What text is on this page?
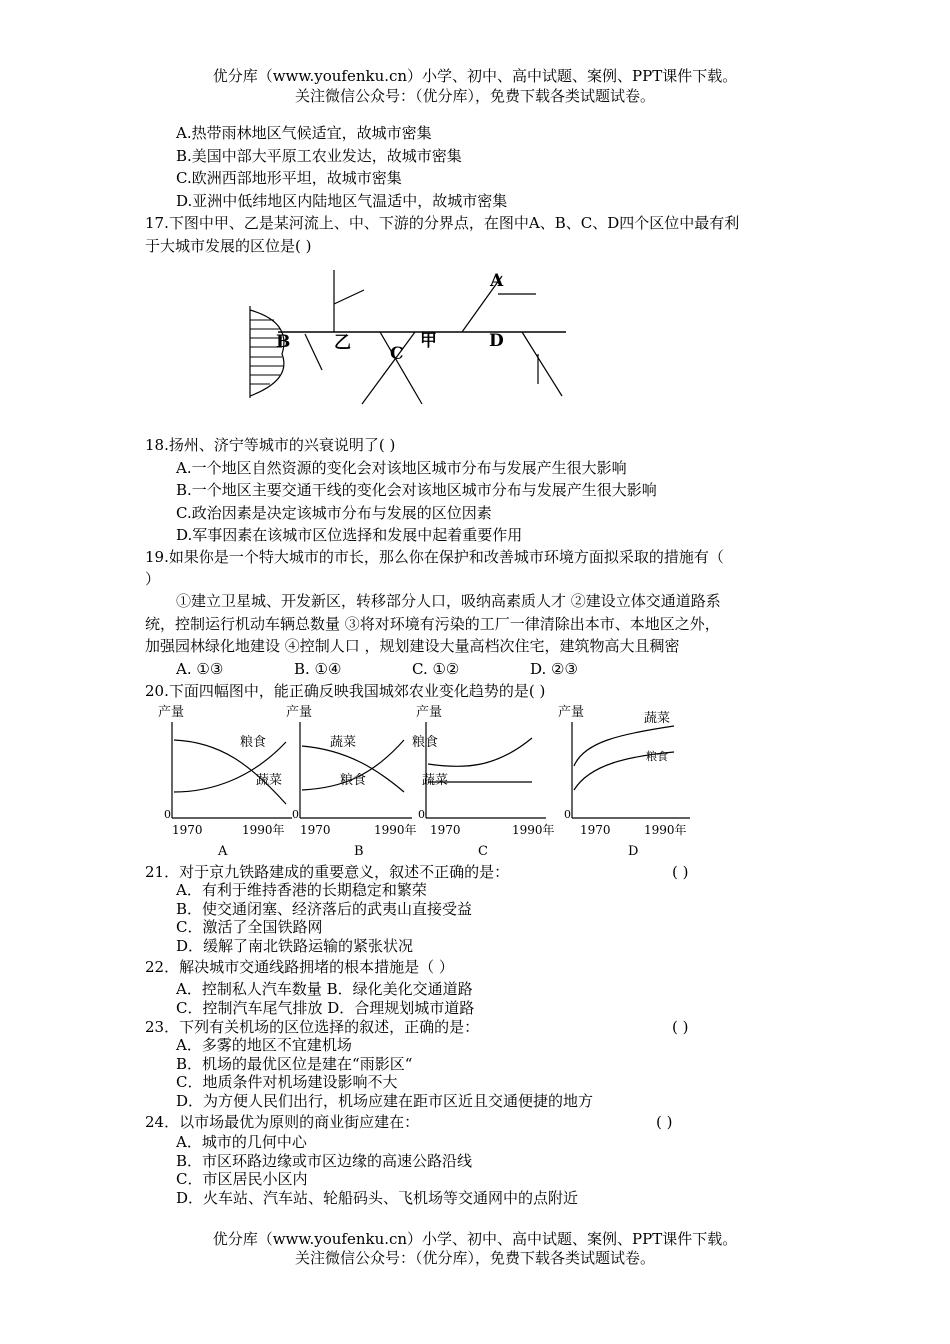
优分库（www.youfenku.cn）小学、初中、高中试题、案例、PPT课件下载。
关注微信公众号：（优分库），免费下载各类试题试卷。
A.热带雨林地区气候适宜，故城市密集
B.美国中部大平原工农业发达，故城市密集
C.欧洲西部地形平坦，故城市密集
D.亚洲中低纬地区内陆地区气温适中，故城市密集
17.下图中甲、乙是某河流上、中、下游的分界点，在图中A、B、C、D四个区位中最有利
于大城市发展的区位是( )
B	乙
C
甲	D
A
18.扬州、济宁等城市的兴衰说明了( )
A.一个地区自然资源的变化会对该地区城市分布与发展产生很大影响
B.一个地区主要交通干线的变化会对该地区城市分布与发展产生很大影响
C.政治因素是决定该城市分布与发展的区位因素
D.军事因素在该城市区位选择和发展中起着重要作用
19.如果你是一个特大城市的市长，那么你在保护和改善城市环境方面拟采取的措施有（
）
①建立卫星城、开发新区，转移部分人口，吸纳高素质人才 ②建设立体交通道路系
统，控制运行机动车辆总数量 ③将对环境有污染的工厂一律清除出本市、本地区之外，
加强园林绿化地建设 ④控制人口 ，规划建设大量高档次住宅，建筑物高大且稠密
A. ①③	B. ①④	C. ①②	D. ②③
20.下面四幅图中，能正确反映我国城郊农业变化趋势的是( )
产量
0
1970	1990年
粮食
蔬菜
A
产量
0
1970	1990年
蔬菜
粮食
B
产量
0
1970	1990年
粮食
蔬菜
C
产量
0
1970	1990年
蔬菜
粮食
D
21．对于京九铁路建成的重要意义，叙述不正确的是：	( )
A．有利于维持香港的长期稳定和繁荣
B．使交通闭塞、经济落后的武夷山直接受益
C．激活了全国铁路网
D．缓解了南北铁路运输的紧张状况
22．解决城市交通线路拥堵的根本措施是（ ）
A．控制私人汽车数量 B．绿化美化交通道路
C．控制汽车尾气排放 D．合理规划城市道路
23．下列有关机场的区位选择的叙述，正确的是：	( )
A．多雾的地区不宜建机场
B．机场的最优区位是建在“雨影区“
C．地质条件对机场建设影响不大
D．为方便人民们出行，机场应建在距市区近且交通便捷的地方
24．以市场最优为原则的商业街应建在：	( )
A．城市的几何中心
B．市区环路边缘或市区边缘的高速公路沿线
C．市区居民小区内
D．火车站、汽车站、轮船码头、飞机场等交通网中的点附近
优分库（www.youfenku.cn）小学、初中、高中试题、案例、PPT课件下载。
关注微信公众号：（优分库），免费下载各类试题试卷。
